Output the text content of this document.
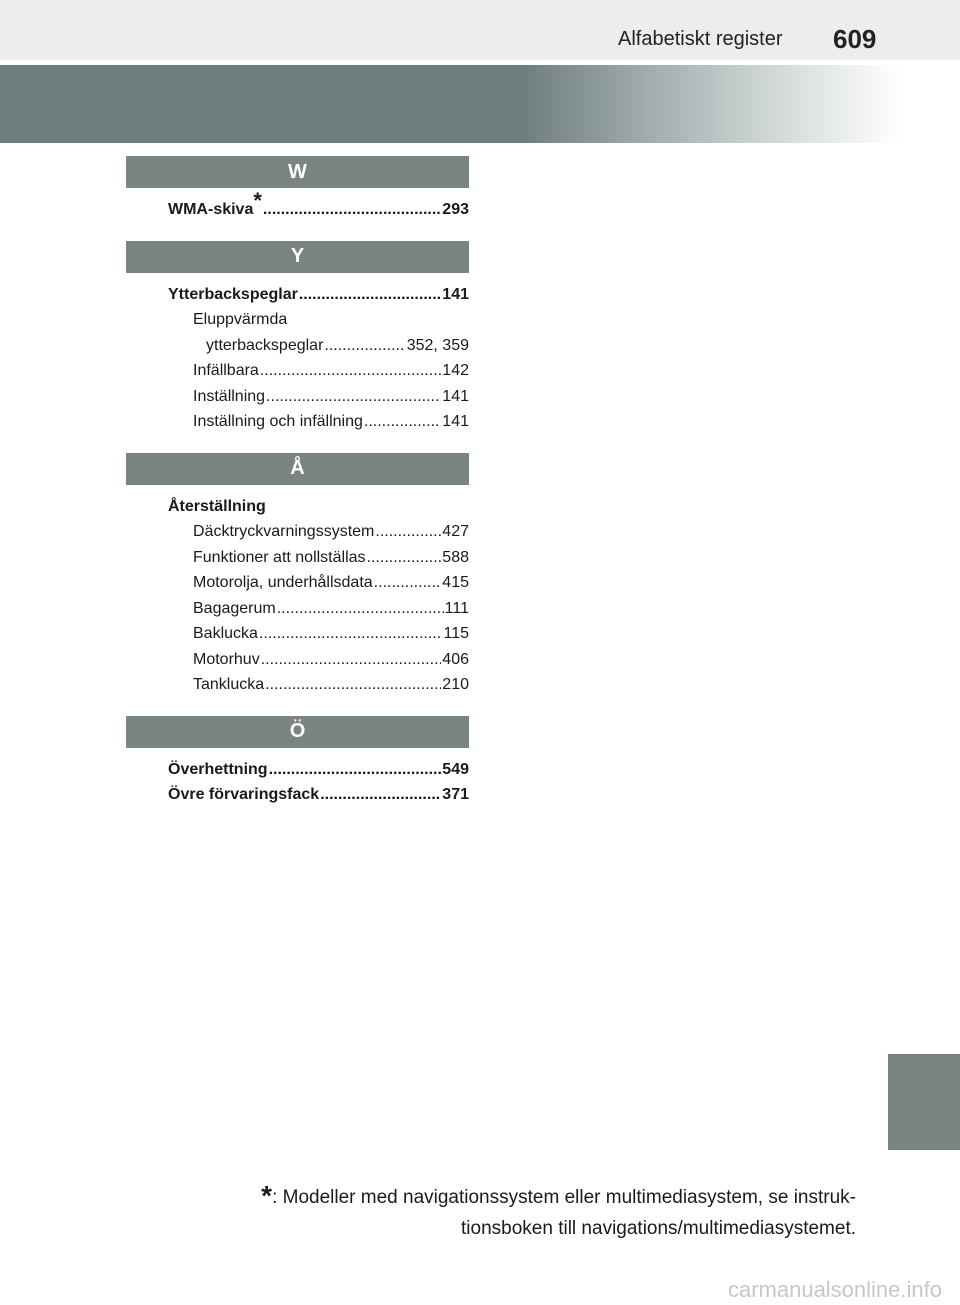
Alfabetiskt register 609
W
WMA-skiva * .....	293
Y
Ytterbackspeglar .....	141
Eluppvärmda
ytterbackspeglar .....	352, 359
Infällbara .....	142
Inställning .....	141
Inställning och infällning .....	141
Å
Återställning
Däcktryckvarningssystem .....	427
Funktioner att nollställas .....	588
Motorolja, underhållsdata .....	415
Bagagerum .....	111
Baklucka .....	115
Motorhuv .....	406
Tanklucka .....	210
Ö
Överhettning .....	549
Övre förvaringsfack .....	371
*: Modeller med navigationssystem eller multimediasystem, se instruk-
tionsboken till navigations/multimediasystemet.
carmanualsonline.info
